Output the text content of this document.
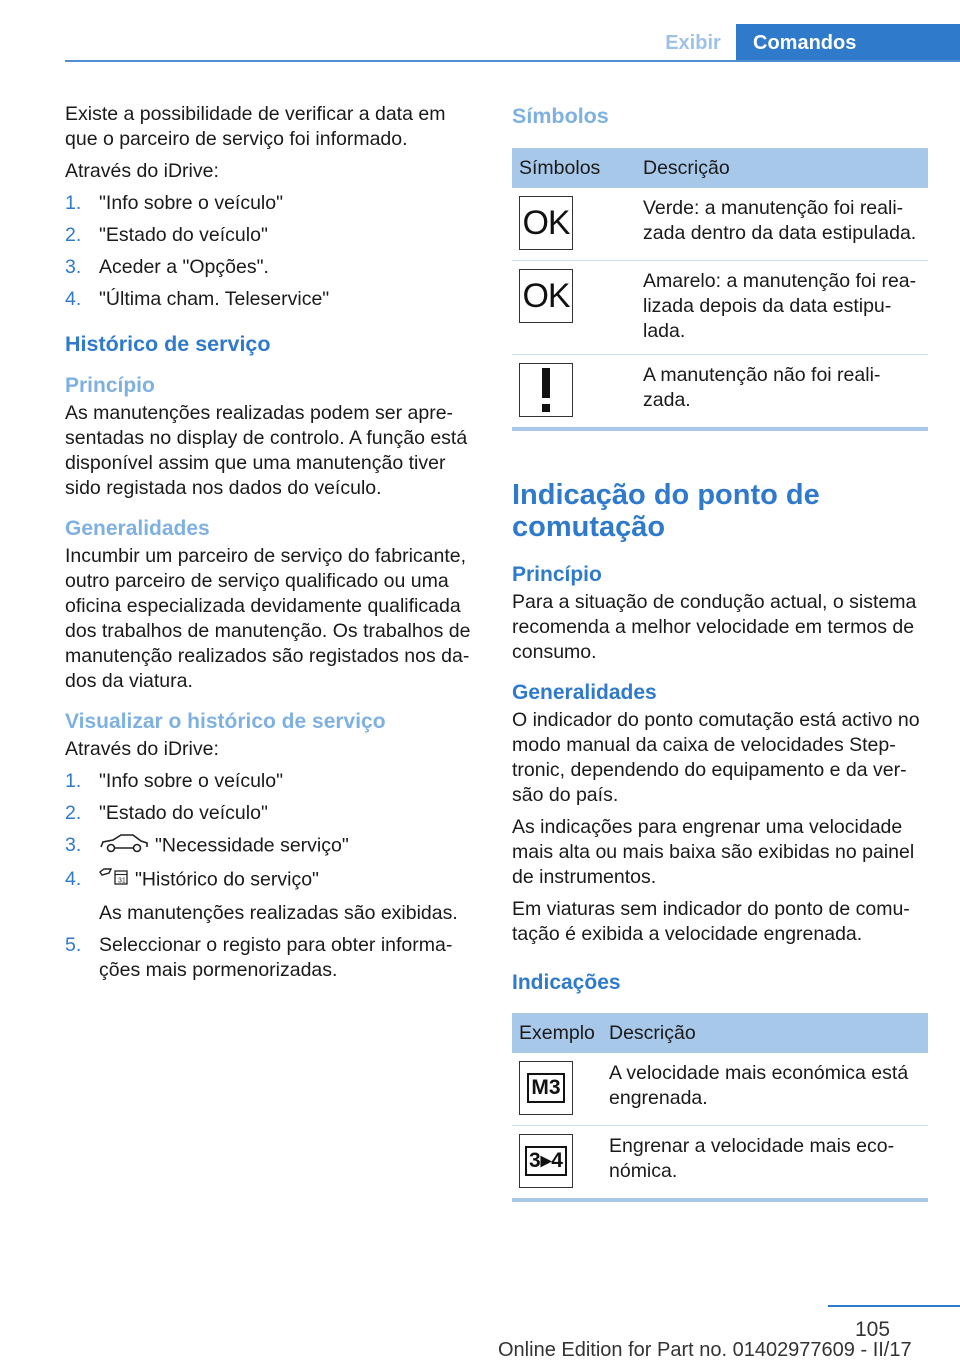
Exibir	Comandos

Existe a possibilidade de verificar a data em que o parceiro de serviço foi informado.

Através do iDrive:

1. "Info sobre o veículo"
2. "Estado do veículo"
3. Aceder a "Opções".
4. "Última cham. Teleservice"
Histórico de serviço
Princípio

As manutenções realizadas podem ser apresentadas no display de controlo. A função está disponível assim que uma manutenção tiver sido registada nos dados do veículo.

Generalidades

Incumbir um parceiro de serviço do fabricante, outro parceiro de serviço qualificado ou uma oficina especializada devidamente qualificada dos trabalhos de manutenção. Os trabalhos de manutenção realizados são registados nos dados da viatura.

Visualizar o histórico de serviço

Através do iDrive:

1. "Info sobre o veículo"
2. "Estado do veículo"
3.	"Necessidade serviço"
4.	31 "Histórico do serviço"
As manutenções realizadas são exibidas.
5. Seleccionar o registo para obter informações mais pormenorizadas.
Símbolos
Símbolos	Descrição

OK	Verde: a manutenção foi realizada dentro da data estipulada.

OK	Amarelo: a manutenção foi realizada depois da data estipulada.

	A manutenção não foi realizada.
Indicação do ponto de comutação
Princípio

Para a situação de condução actual, o sistema recomenda a melhor velocidade em termos de consumo.

Generalidades

O indicador do ponto comutação está activo no modo manual da caixa de velocidades Steptronic, dependendo do equipamento e da versão do país.

As indicações para engrenar uma velocidade mais alta ou mais baixa são exibidas no painel de instrumentos.

Em viaturas sem indicador do ponto de comutação é exibida a velocidade engrenada.

Indicações
Exemplo	Descrição

M3	A velocidade mais económica está engrenada.

3▸4	Engrenar a velocidade mais económica.
105
Online Edition for Part no. 01402977609 - II/17
